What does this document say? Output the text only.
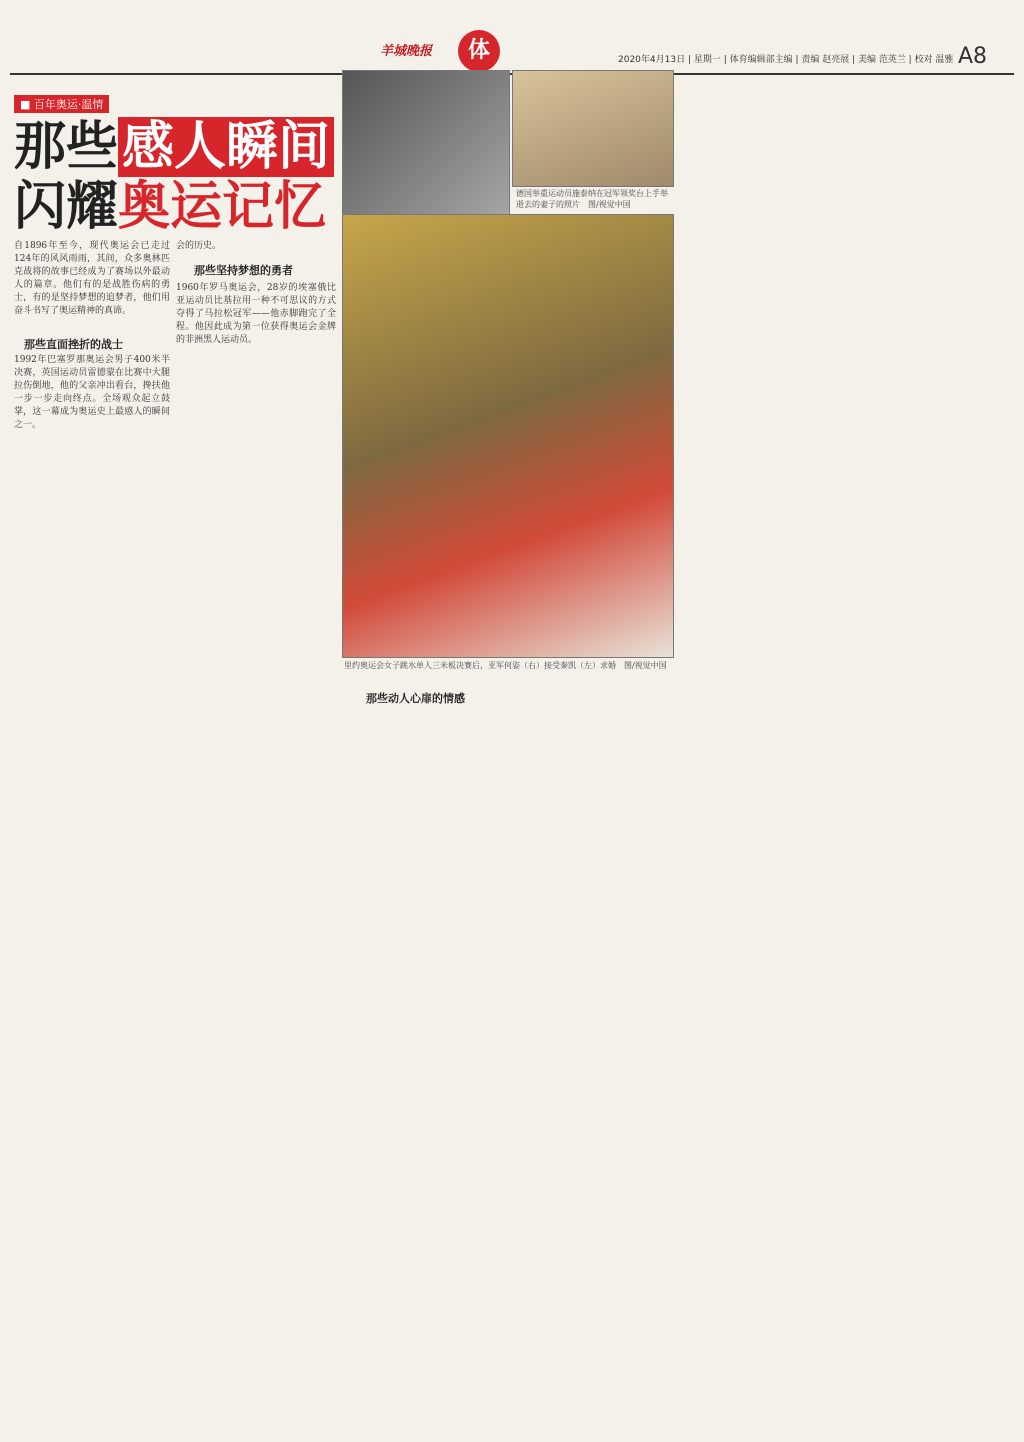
羊城晚报	体	2020年4月13日 | 星期一 | 体育编辑部主编 | 责编 赵亮展 | 美编 范英兰 | 校对 温雅 A8
■ 百年奥运·温情
那些感人瞬间
闪耀奥运记忆	德国举重运动员施泰纳在冠军领奖台上手举逝去的妻子的照片　图/视觉中国
里约奥运会女子跳水单人三米板决赛后，亚军何姿（右）接受秦凯（左）求婚　图/视觉中国
自1896年至今，现代奥运会已走过124年的风风雨雨，其间，众多奥林匹克战将的故事已经成为了赛场以外最动人的篇章。他们有的是战胜伤病的勇士，有的是坚持梦想的追梦者，他们用奋斗书写了奥运精神的真谛。
那些直面挫折的战士
1992年巴塞罗那奥运会男子400米半决赛，英国运动员雷德蒙在比赛中大腿拉伤倒地，他的父亲冲出看台，搀扶他一步一步走向终点。全场观众起立鼓掌，这一幕成为奥运史上最感人的瞬间之一。
会的历史。
那些坚持梦想的勇者
1960年罗马奥运会，28岁的埃塞俄比亚运动员比基拉用一种不可思议的方式夺得了马拉松冠军——他赤脚跑完了全程。他因此成为第一位获得奥运会金牌的非洲黑人运动员。
那些动人心扉的情感
